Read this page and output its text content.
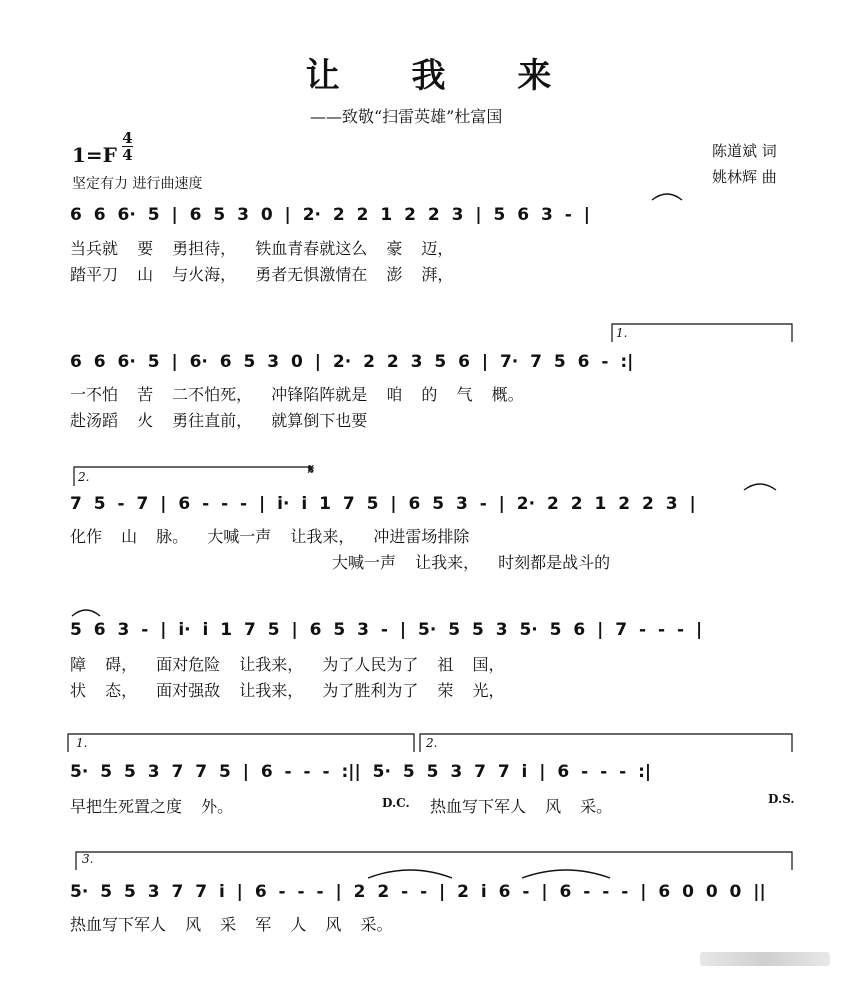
让 我 来
——致敬“扫雷英雄”杜富国
1=F
4
4
坚定有力 进行曲速度
陈道斌 词
姚林辉 曲
6 6 6· 5 | 6 5 3 0 | 2· 2 2 1 2 2 3 | 5 6 3 - |
当兵就 要 勇担待， 铁血青春就这么 豪 迈，
踏平刀 山 与火海， 勇者无惧激情在 澎 湃，
1.
6 6 6· 5 | 6· 6 5 3 0 | 2· 2 2 3 5 6 | 7· 7 5 6 - :|
一不怕 苦 二不怕死， 冲锋陷阵就是 咱 的 气 概。
赴汤蹈 火 勇往直前， 就算倒下也要
2.	𝄋
7 5 - 7 | 6 - - - | i· i 1 7 5 | 6 5 3 - | 2· 2 2 1 2 2 3 |
化作 山 脉。 大喊一声 让我来， 冲进雷场排除
大喊一声 让我来， 时刻都是战斗的
5 6 3 - | i· i 1 7 5 | 6 5 3 - | 5· 5 5 3 5· 5 6 | 7 - - - |
障 碍， 面对危险 让我来， 为了人民为了 祖 国，
状 态， 面对强敌 让我来， 为了胜利为了 荣 光，
1.	2.
5· 5 5 3 7 7 5 | 6 - - - :|| 5· 5 5 3 7 7 i | 6 - - - :|
早把生死置之度 外。	D.C. 热血写下军人 风 采。	D.S.
3.
5· 5 5 3 7 7 i | 6 - - - | 2 2 - - | 2 i 6 - | 6 - - - | 6 0 0 0 ||
热血写下军人 风 采 军 人 风 采。
